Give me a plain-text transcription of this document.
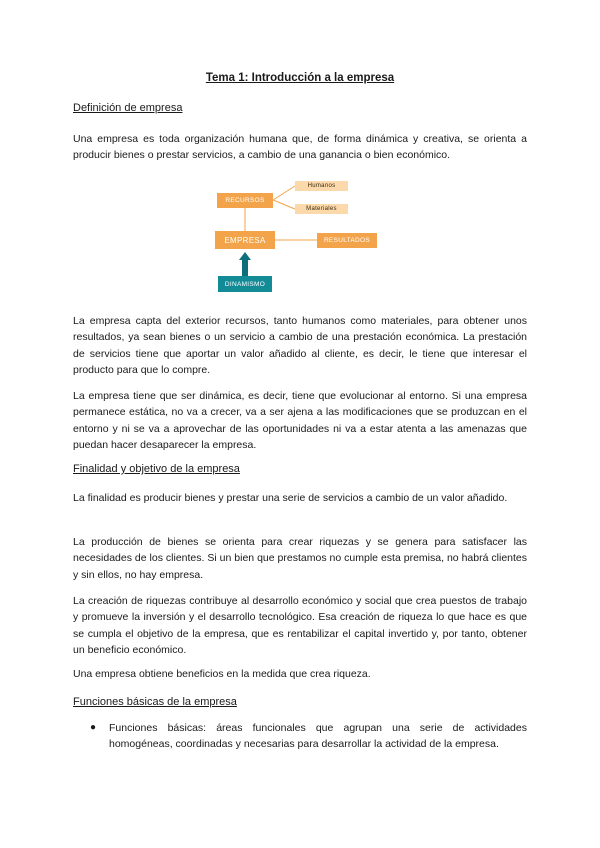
Tema 1: Introducción a la empresa
Definición de empresa

Una empresa es toda organización humana que, de forma dinámica y creativa, se orienta a producir bienes o prestar servicios, a cambio de una ganancia o bien económico.

RECURSOS
Humanos
Materiales
EMPRESA	RESULTADOS
DINAMISMO

La empresa capta del exterior recursos, tanto humanos como materiales, para obtener unos resultados, ya sean bienes o un servicio a cambio de una prestación económica. La prestación de servicios tiene que aportar un valor añadido al cliente, es decir, le tiene que interesar el producto para que lo compre.

La empresa tiene que ser dinámica, es decir, tiene que evolucionar al entorno. Si una empresa permanece estática, no va a crecer, va a ser ajena a las modificaciones que se produzcan en el entorno y ni se va a aprovechar de las oportunidades ni va a estar atenta a las amenazas que puedan hacer desaparecer la empresa.

Finalidad y objetivo de la empresa

La finalidad es producir bienes y prestar una serie de servicios a cambio de un valor añadido.

La producción de bienes se orienta para crear riquezas y se genera para satisfacer las necesidades de los clientes. Si un bien que prestamos no cumple esta premisa, no habrá clientes y sin ellos, no hay empresa.

La creación de riquezas contribuye al desarrollo económico y social que crea puestos de trabajo y promueve la inversión y el desarrollo tecnológico. Esa creación de riqueza lo que hace es que se cumpla el objetivo de la empresa, que es rentabilizar el capital invertido y, por tanto, obtener un beneficio económico.

Una empresa obtiene beneficios en la medida que crea riqueza.

Funciones básicas de la empresa
● Funciones básicas: áreas funcionales que agrupan una serie de actividades homogéneas, coordinadas y necesarias para desarrollar la actividad de la empresa.
